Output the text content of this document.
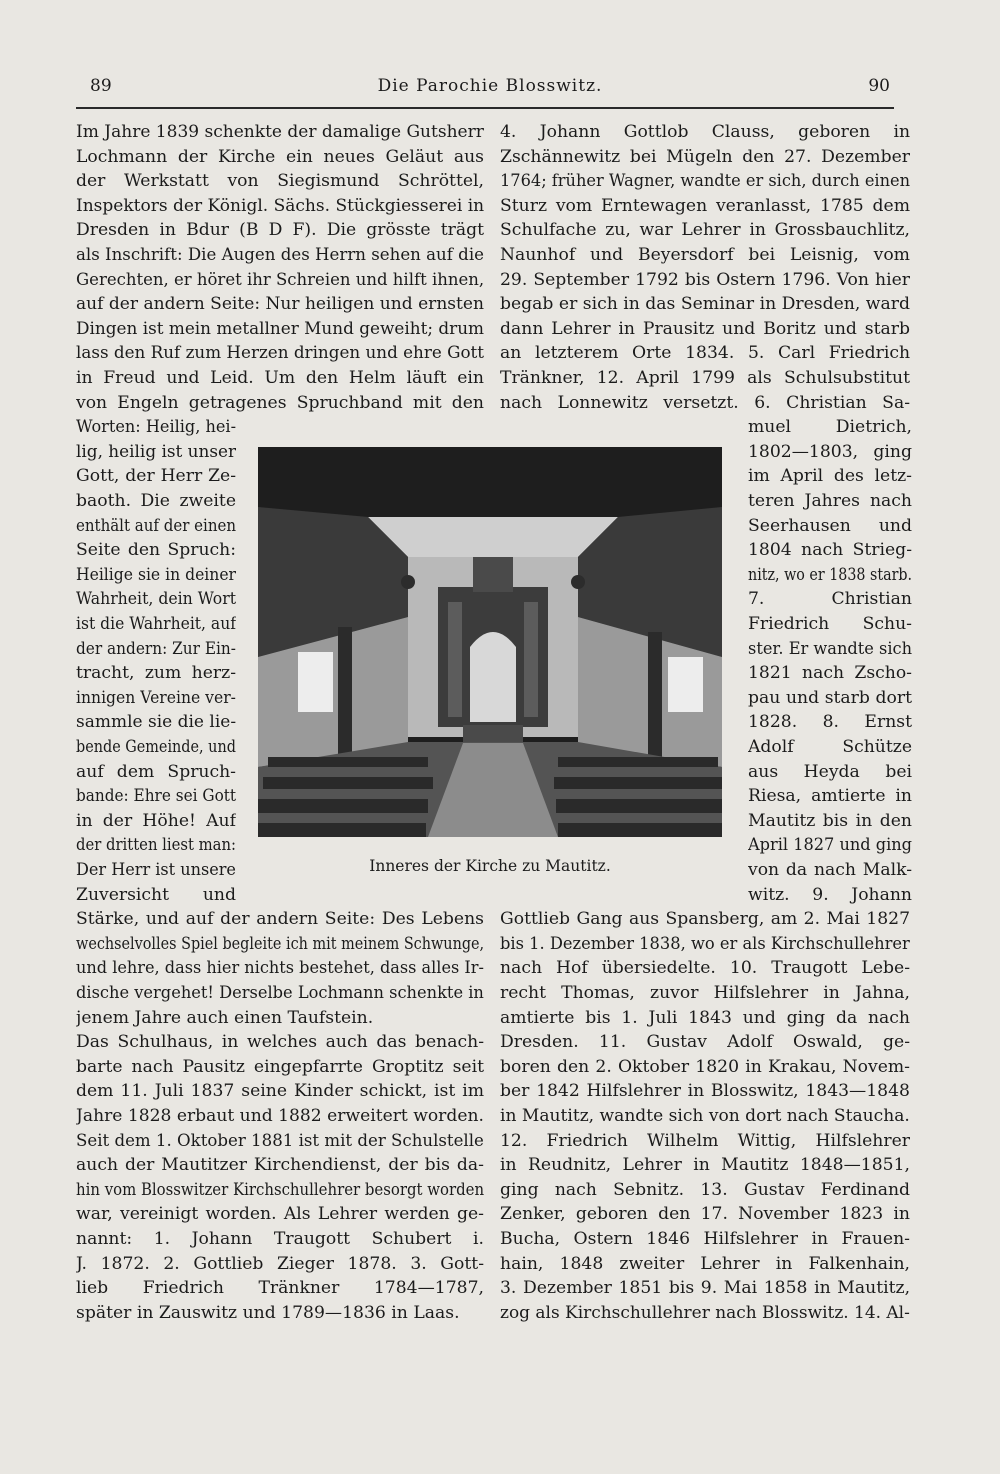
89	Die Parochie Blosswitz.	90
Im Jahre 1839 schenkte der damalige Gutsherr
Lochmann der Kirche ein neues Geläut aus
der Werkstatt von Siegismund Schröttel,
Inspektors der Königl. Sächs. Stückgiesserei in
Dresden in Bdur (B D F). Die grösste trägt
als Inschrift: Die Augen des Herrn sehen auf die
Gerechten, er höret ihr Schreien und hilft ihnen,
auf der andern Seite: Nur heiligen und ernsten
Dingen ist mein metallner Mund geweiht; drum
lass den Ruf zum Herzen dringen und ehre Gott
in Freud und Leid. Um den Helm läuft ein
von Engeln getragenes Spruchband mit den
Worten: Heilig, hei-
lig, heilig ist unser
Gott, der Herr Ze-
baoth. Die zweite
enthält auf der einen
Seite den Spruch:
Heilige sie in deiner
Wahrheit, dein Wort
ist die Wahrheit, auf
der andern: Zur Ein-
tracht, zum herz-
innigen Vereine ver-
sammle sie die lie-
bende Gemeinde, und
auf dem Spruch-
bande: Ehre sei Gott
in der Höhe! Auf
der dritten liest man:
Der Herr ist unsere
Zuversicht und
Stärke, und auf der andern Seite: Des Lebens
wechselvolles Spiel begleite ich mit meinem Schwunge,
und lehre, dass hier nichts bestehet, dass alles Ir-
dische vergehet! Derselbe Lochmann schenkte in
jenem Jahre auch einen Taufstein.
Das Schulhaus, in welches auch das benach-
barte nach Pausitz eingepfarrte Groptitz seit
dem 11. Juli 1837 seine Kinder schickt, ist im
Jahre 1828 erbaut und 1882 erweitert worden.
Seit dem 1. Oktober 1881 ist mit der Schulstelle
auch der Mautitzer Kirchendienst, der bis da-
hin vom Blosswitzer Kirchschullehrer besorgt worden
war, vereinigt worden. Als Lehrer werden ge-
nannt: 1. Johann Traugott Schubert i.
J. 1872. 2. Gottlieb Zieger 1878. 3. Gott-
lieb Friedrich Tränkner 1784—1787,
später in Zauswitz und 1789—1836 in Laas.
4. Johann Gottlob Clauss, geboren in
Zschännewitz bei Mügeln den 27. Dezember
1764; früher Wagner, wandte er sich, durch einen
Sturz vom Erntewagen veranlasst, 1785 dem
Schulfache zu, war Lehrer in Grossbauchlitz,
Naunhof und Beyersdorf bei Leisnig, vom
29. September 1792 bis Ostern 1796. Von hier
begab er sich in das Seminar in Dresden, ward
dann Lehrer in Prausitz und Boritz und starb
an letzterem Orte 1834. 5. Carl Friedrich
Tränkner, 12. April 1799 als Schulsubstitut
nach Lonnewitz versetzt. 6. Christian Sa-
muel Dietrich,
1802—1803, ging
im April des letz-
teren Jahres nach
Seerhausen und
1804 nach Strieg-
nitz, wo er 1838 starb.
7. Christian
Friedrich Schu-
ster. Er wandte sich
1821 nach Zscho-
pau und starb dort
1828. 8. Ernst
Adolf Schütze
aus Heyda bei
Riesa, amtierte in
Mautitz bis in den
April 1827 und ging
von da nach Malk-
witz. 9. Johann
Gottlieb Gang aus Spansberg, am 2. Mai 1827
bis 1. Dezember 1838, wo er als Kirchschullehrer
nach Hof übersiedelte. 10. Traugott Lebe-
recht Thomas, zuvor Hilfslehrer in Jahna,
amtierte bis 1. Juli 1843 und ging da nach
Dresden. 11. Gustav Adolf Oswald, ge-
boren den 2. Oktober 1820 in Krakau, Novem-
ber 1842 Hilfslehrer in Blosswitz, 1843—1848
in Mautitz, wandte sich von dort nach Staucha.
12. Friedrich Wilhelm Wittig, Hilfslehrer
in Reudnitz, Lehrer in Mautitz 1848—1851,
ging nach Sebnitz. 13. Gustav Ferdinand
Zenker, geboren den 17. November 1823 in
Bucha, Ostern 1846 Hilfslehrer in Frauen-
hain, 1848 zweiter Lehrer in Falkenhain,
3. Dezember 1851 bis 9. Mai 1858 in Mautitz,
zog als Kirchschullehrer nach Blosswitz. 14. Al-
Inneres der Kirche zu Mautitz.
